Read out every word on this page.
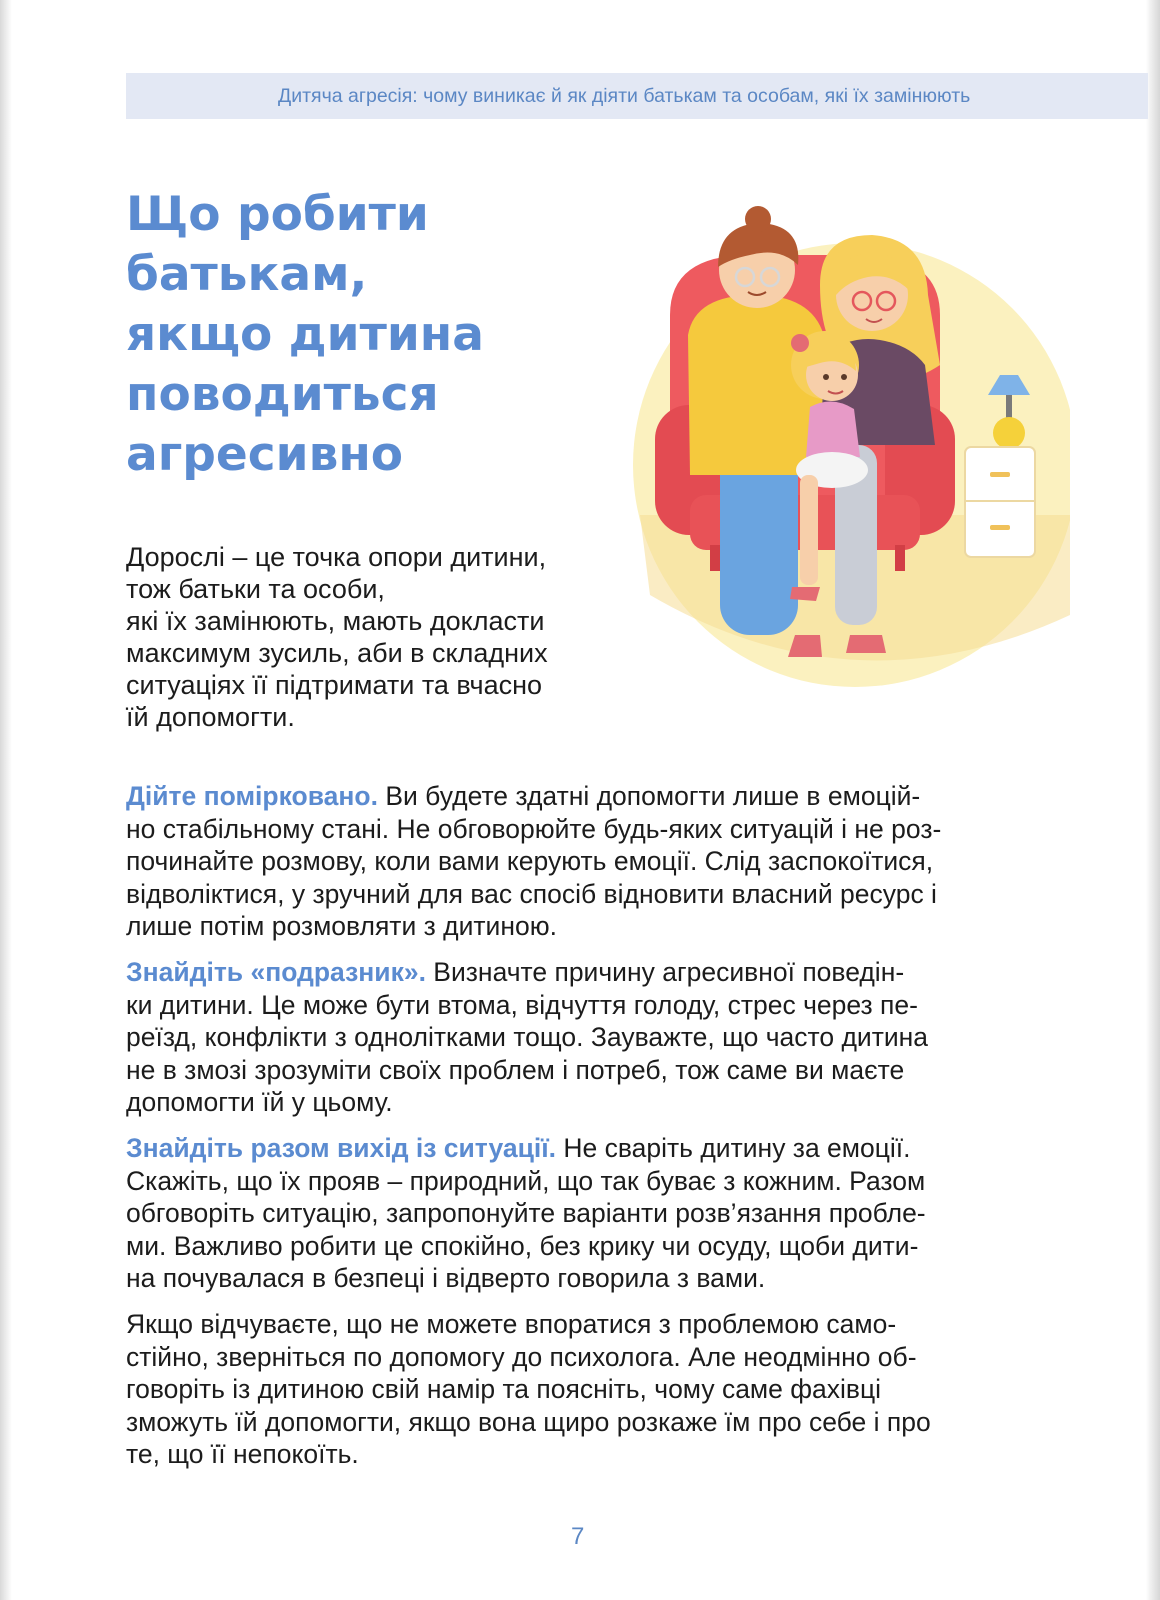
Дитяча агресія: чому виникає й як діяти батькам та особам, які їх замінюють
Що робити
батькам,
якщо дитина
поводиться
агресивно

Дорослі – це точка опори дитини,
тож батьки та особи,
які їх замінюють, мають докласти
максимум зусиль, аби в складних
ситуаціях її підтримати та вчасно
їй допомогти.

Дійте помірковано. Ви будете здатні допомогти лише в емоцій-
но стабільному стані. Не обговорюйте будь-яких ситуацій і не роз-
починайте розмову, коли вами керують емоції. Слід заспокоїтися,
відволіктися, у зручний для вас спосіб відновити власний ресурс і
лише потім розмовляти з дитиною.

Знайдіть «подразник». Визначте причину агресивної поведін-
ки дитини. Це може бути втома, відчуття голоду, стрес через пе-
реїзд, конфлікти з однолітками тощо. Зауважте, що часто дитина
не в змозі зрозуміти своїх проблем і потреб, тож саме ви маєте
допомогти їй у цьому.

Знайдіть разом вихід із ситуації. Не сваріть дитину за емоції.
Скажіть, що їх прояв – природний, що так буває з кожним. Разом
обговоріть ситуацію, запропонуйте варіанти розв’язання пробле-
ми. Важливо робити це спокійно, без крику чи осуду, щоби дити-
на почувалася в безпеці і відверто говорила з вами.

Якщо відчуваєте, що не можете впоратися з проблемою само-
стійно, зверніться по допомогу до психолога. Але неодмінно об-
говоріть із дитиною свій намір та поясніть, чому саме фахівці
зможуть їй допомогти, якщо вона щиро розкаже їм про себе і про
те, що її непокоїть.

7
